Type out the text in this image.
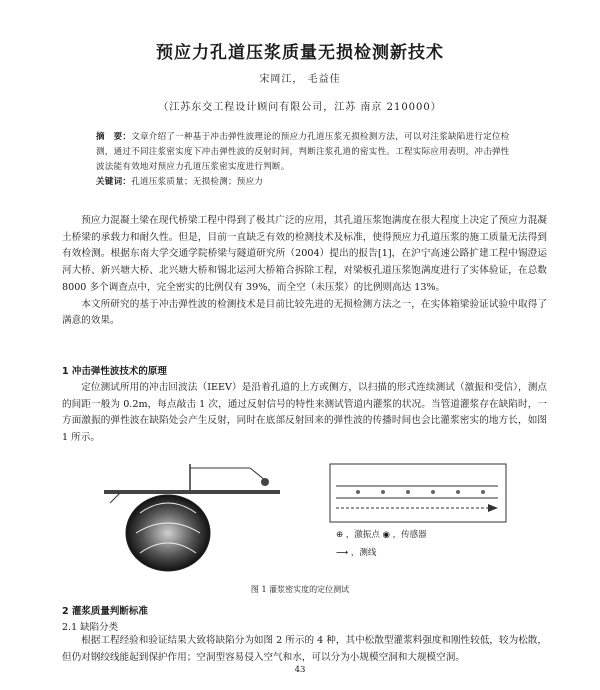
预应力孔道压浆质量无损检测新技术
宋岡江， 毛益佳
（江苏东交工程设计顾问有限公司，江苏 南京 210000）

摘　要：文章介绍了一种基于冲击弹性波理论的预应力孔道压浆无损检测方法，可以对注浆缺陷进行定位检测，通过不同注浆密实度下冲击弹性波的反射时间，判断注浆孔道的密实性。工程实际应用表明，冲击弹性波法能有效地对预应力孔道压浆密实度进行判断。

关键词：孔道压浆质量；无损检测；预应力

预应力混凝土梁在现代桥梁工程中得到了极其广泛的应用，其孔道压浆饱满度在很大程度上决定了预应力混凝土桥梁的承载力和耐久性。但是，目前一直缺乏有效的检测技术及标准，使得预应力孔道压浆的施工质量无法得到有效检测。根据东南大学交通学院桥梁与隧道研究所（2004）提出的报告[1]，在沪宁高速公路扩建工程中锡澄运河大桥、新兴塘大桥、北兴塘大桥和锡北运河大桥箱合拆除工程，对梁板孔道压浆饱满度进行了实体验证，在总数 8000 多个调查点中，完全密实的比例仅有 39%，而全空（未压浆）的比例则高达 13%。

本文所研究的基于冲击弹性波的检测技术是目前比较先进的无损检测方法之一，在实体箱梁验证试验中取得了满意的效果。

1 冲击弹性波技术的原理

定位测试所用的冲击回波法（IEEV）是沿着孔道的上方或侧方，以扫描的形式连续测试（激振和受信），测点的间距一般为 0.2m，每点敲击 1 次，通过反射信号的特性来测试管道内灌浆的状况。当管道灌浆存在缺陷时，一方面激振的弹性波在缺陷处会产生反射，同时在底部反射回来的弹性波的传播时间也会比灌浆密实的地方长，如图 1 所示。

⊕ ，激振点 ◉ ，传感器
⟶ ，测线
图 1 灌浆密实度的定位测试
2 灌浆质量判断标准
2.1 缺陷分类

根据工程经验和验证结果大致将缺陷分为如图 2 所示的 4 种，其中松散型灌浆料强度和刚性较低，较为松散，但仍对钢绞线能起到保护作用；空洞型容易侵入空气和水，可以分为小规模空洞和大规模空洞。

43
